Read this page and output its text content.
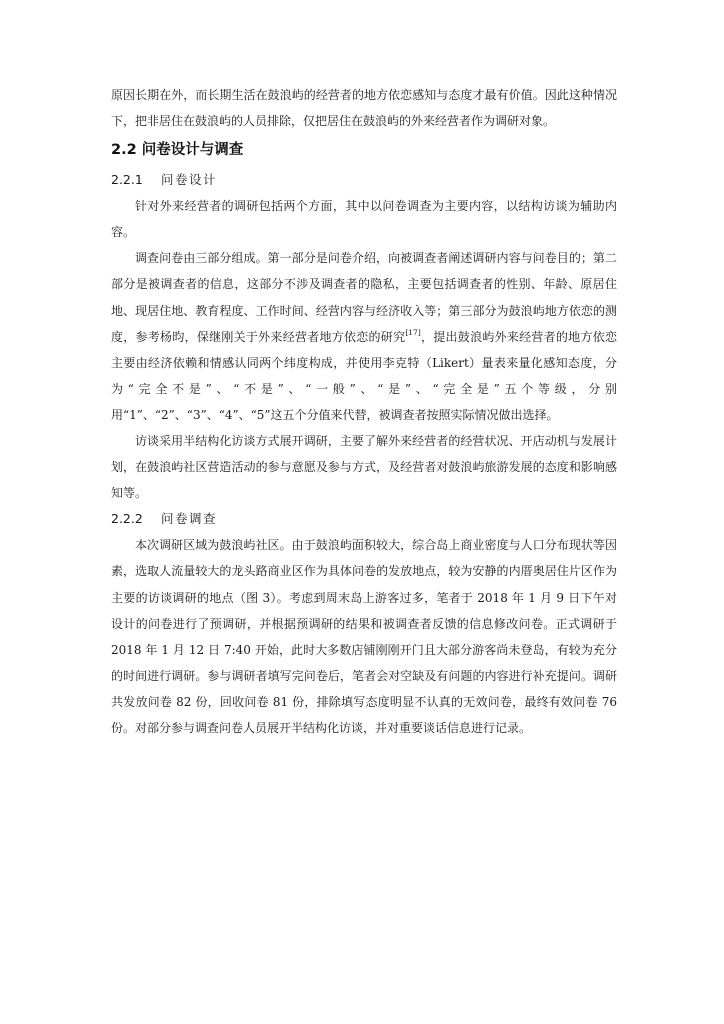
原因长期在外，而长期生活在鼓浪屿的经营者的地方依恋感知与态度才最有价值。因此这种情况下，把非居住在鼓浪屿的人员排除，仅把居住在鼓浪屿的外来经营者作为调研对象。

2.2 问卷设计与调查
2.2.1 问卷设计

针对外来经营者的调研包括两个方面，其中以问卷调查为主要内容，以结构访谈为辅助内容。

调查问卷由三部分组成。第一部分是问卷介绍，向被调查者阐述调研内容与问卷目的；第二部分是被调查者的信息，这部分不涉及调查者的隐私，主要包括调查者的性别、年龄、原居住地、现居住地、教育程度、工作时间、经营内容与经济收入等；第三部分为鼓浪屿地方依恋的测度，参考杨昀，保继刚关于外来经营者地方依恋的研究[17]，提出鼓浪屿外来经营者的地方依恋主要由经济依赖和情感认同两个纬度构成，并使用李克特（Likert）量表来量化感知态度，分为“完全不是”、“不是”、“一般”、“是”、“完全是”五个等级，分别用“1”、“2”、“3”、“4”、“5”这五个分值来代替，被调查者按照实际情况做出选择。

访谈采用半结构化访谈方式展开调研，主要了解外来经营者的经营状况、开店动机与发展计划，在鼓浪屿社区营造活动的参与意愿及参与方式，及经营者对鼓浪屿旅游发展的态度和影响感知等。

2.2.2 问卷调查

本次调研区域为鼓浪屿社区。由于鼓浪屿面积较大，综合岛上商业密度与人口分布现状等因素，选取人流量较大的龙头路商业区作为具体问卷的发放地点，较为安静的内厝奥居住片区作为主要的访谈调研的地点（图 3）。考虑到周末岛上游客过多，笔者于 2018 年 1 月 9 日下午对设计的问卷进行了预调研，并根据预调研的结果和被调查者反馈的信息修改问卷。正式调研于 2018 年 1 月 12 日 7:40 开始，此时大多数店铺刚刚开门且大部分游客尚未登岛，有较为充分的时间进行调研。参与调研者填写完问卷后，笔者会对空缺及有问题的内容进行补充提问。调研共发放问卷 82 份，回收问卷 81 份，排除填写态度明显不认真的无效问卷，最终有效问卷 76 份。对部分参与调查问卷人员展开半结构化访谈，并对重要谈话信息进行记录。
